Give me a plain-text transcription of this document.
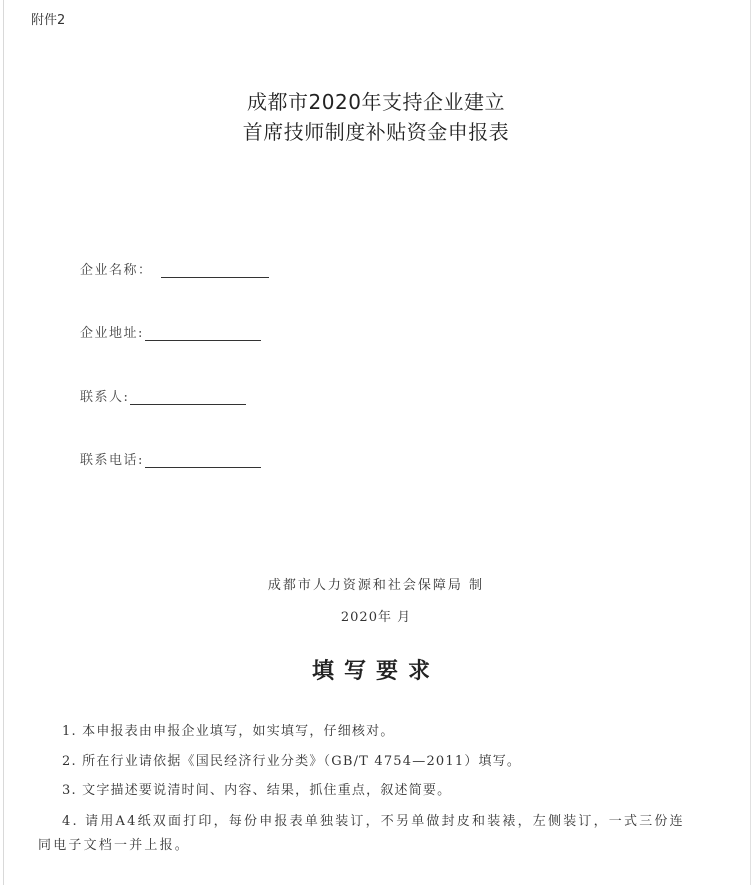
附件2
成都市2020年支持企业建立
首席技师制度补贴资金申报表
企业名称：
企业地址:
联系人:
联系电话:
成都市人力资源和社会保障局 制
2020年 月
填写要求
1. 本申报表由申报企业填写，如实填写，仔细核对。
2. 所在行业请依据《国民经济行业分类》（GB/T 4754—2011）填写。
3. 文字描述要说清时间、内容、结果，抓住重点，叙述简要。
4. 请用A4纸双面打印，每份申报表单独装订，不另单做封皮和装裱，左侧装订，一式三份连
同电子文档一并上报。
